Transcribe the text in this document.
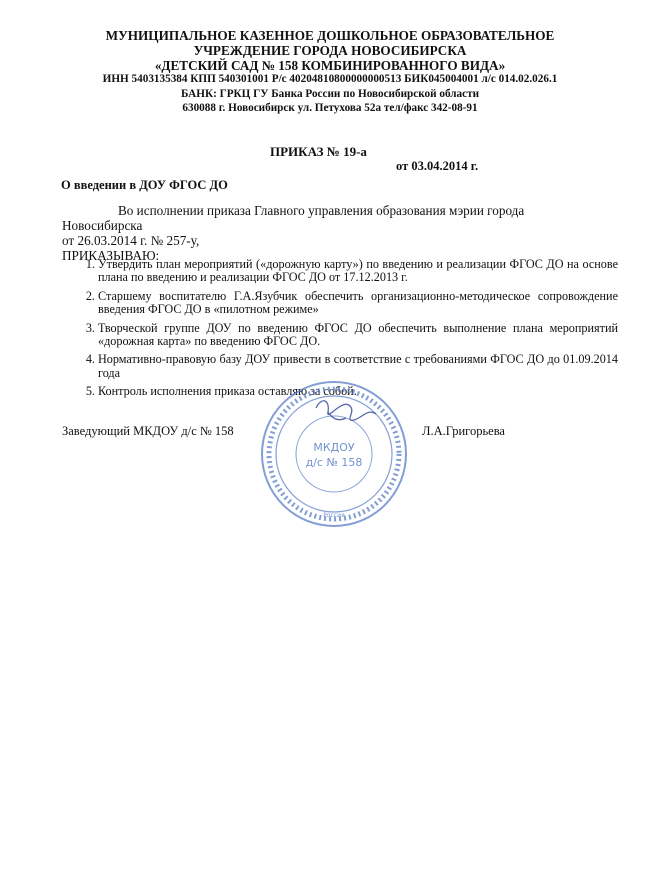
МУНИЦИПАЛЬНОЕ КАЗЕННОЕ ДОШКОЛЬНОЕ ОБРАЗОВАТЕЛЬНОЕ
УЧРЕЖДЕНИЕ ГОРОДА НОВОСИБИРСКА
«ДЕТСКИЙ САД № 158 КОМБИНИРОВАННОГО ВИДА»
ИНН 5403135384 КПП 540301001 Р/с 40204810800000000513 БИК045004001 л/с 014.02.026.1
БАНК: ГРКЦ ГУ Банка России по Новосибирской области
630088 г. Новосибирск ул. Петухова 52а тел/факс 342-08-91
ПРИКАЗ № 19-а
от 03.04.2014 г.
О введении в ДОУ ФГОС ДО
Во исполнении приказа Главного управления образования мэрии города Новосибирска
от 26.03.2014 г. № 257-у,
ПРИКАЗЫВАЮ:
1. Утвердить план мероприятий («дорожную карту») по введению и реализации ФГОС ДО на основе плана по введению и реализации ФГОС ДО от 17.12.2013 г.
2. Старшему воспитателю Г.А.Язубчик обеспечить организационно-методическое сопровождение введения ФГОС ДО в «пилотном режиме»
3. Творческой группе ДОУ по введению ФГОС ДО обеспечить выполнение плана мероприятий «дорожная карта» по введению ФГОС ДО.
4. Нормативно-правовую базу ДОУ привести в соответствие с требованиями ФГОС ДО до 01.09.2014 года
5. Контроль исполнения приказа оставляю за собой.
Заведующий МКДОУ д/с № 158	Л.А.Григорьева
МКДОУ
д/с № 158
Россия
